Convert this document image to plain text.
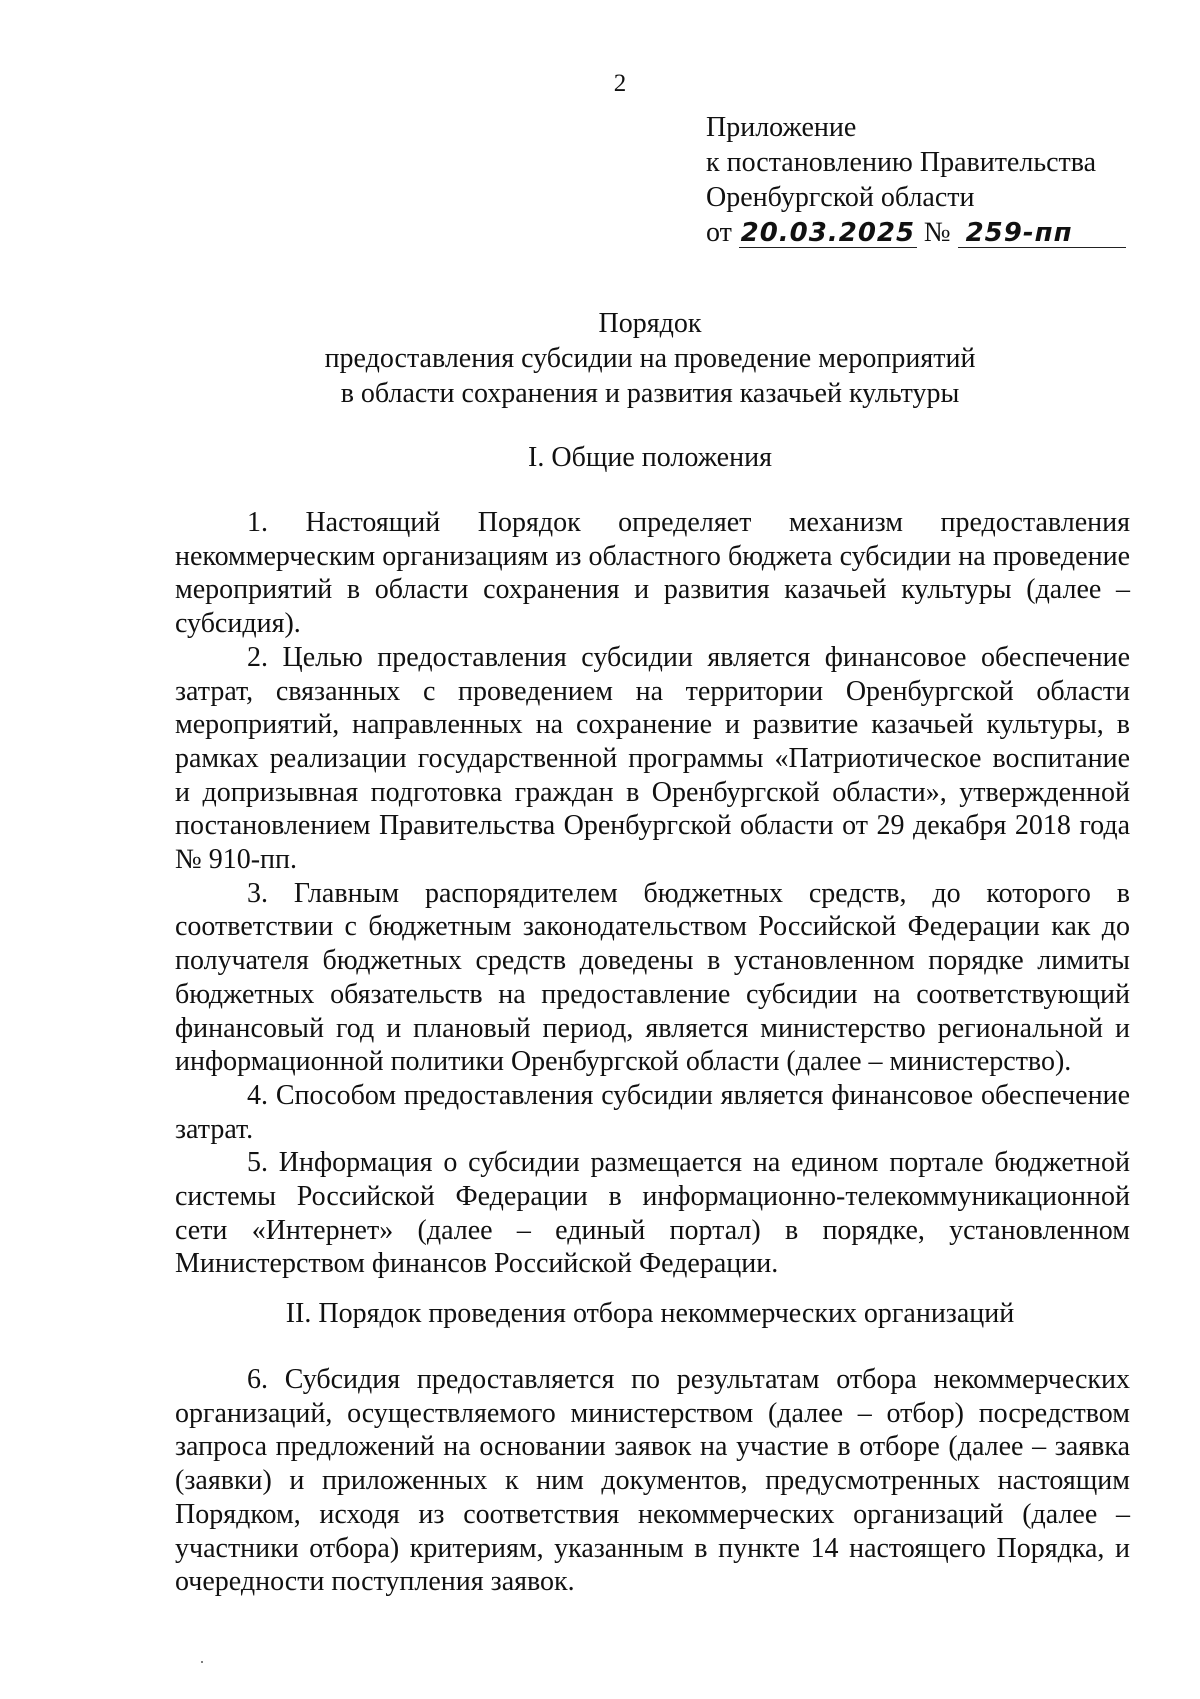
2
Приложение
к постановлению Правительства
Оренбургской области
от 20.03.2025 № 259-пп
Порядок
предоставления субсидии на проведение мероприятий
в области сохранения и развития казачьей культуры
I. Общие положения

1. Настоящий Порядок определяет механизм предоставления некоммерческим организациям из областного бюджета субсидии на проведение мероприятий в области сохранения и развития казачьей культуры (далее – субсидия).

2. Целью предоставления субсидии является финансовое обеспечение затрат, связанных с проведением на территории Оренбургской области мероприятий, направленных на сохранение и развитие казачьей культуры, в рамках реализации государственной программы «Патриотическое воспитание и допризывная подготовка граждан в Оренбургской области», утвержденной постановлением Правительства Оренбургской области от 29 декабря 2018 года № 910-пп.

3. Главным распорядителем бюджетных средств, до которого в соответствии с бюджетным законодательством Российской Федерации как до получателя бюджетных средств доведены в установленном порядке лимиты бюджетных обязательств на предоставление субсидии на соответствующий финансовый год и плановый период, является министерство региональной и информационной политики Оренбургской области (далее – министерство).

4. Способом предоставления субсидии является финансовое обеспечение затрат.

5. Информация о субсидии размещается на едином портале бюджетной системы Российской Федерации в информационно-телекоммуникационной сети «Интернет» (далее – единый портал) в порядке, установленном Министерством финансов Российской Федерации.

II. Порядок проведения отбора некоммерческих организаций

6. Субсидия предоставляется по результатам отбора некоммерческих организаций, осуществляемого министерством (далее – отбор) посредством запроса предложений на основании заявок на участие в отборе (далее – заявка (заявки) и приложенных к ним документов, предусмотренных настоящим Порядком, исходя из соответствия некоммерческих организаций (далее – участники отбора) критериям, указанным в пункте 14 настоящего Порядка, и очередности поступления заявок.
